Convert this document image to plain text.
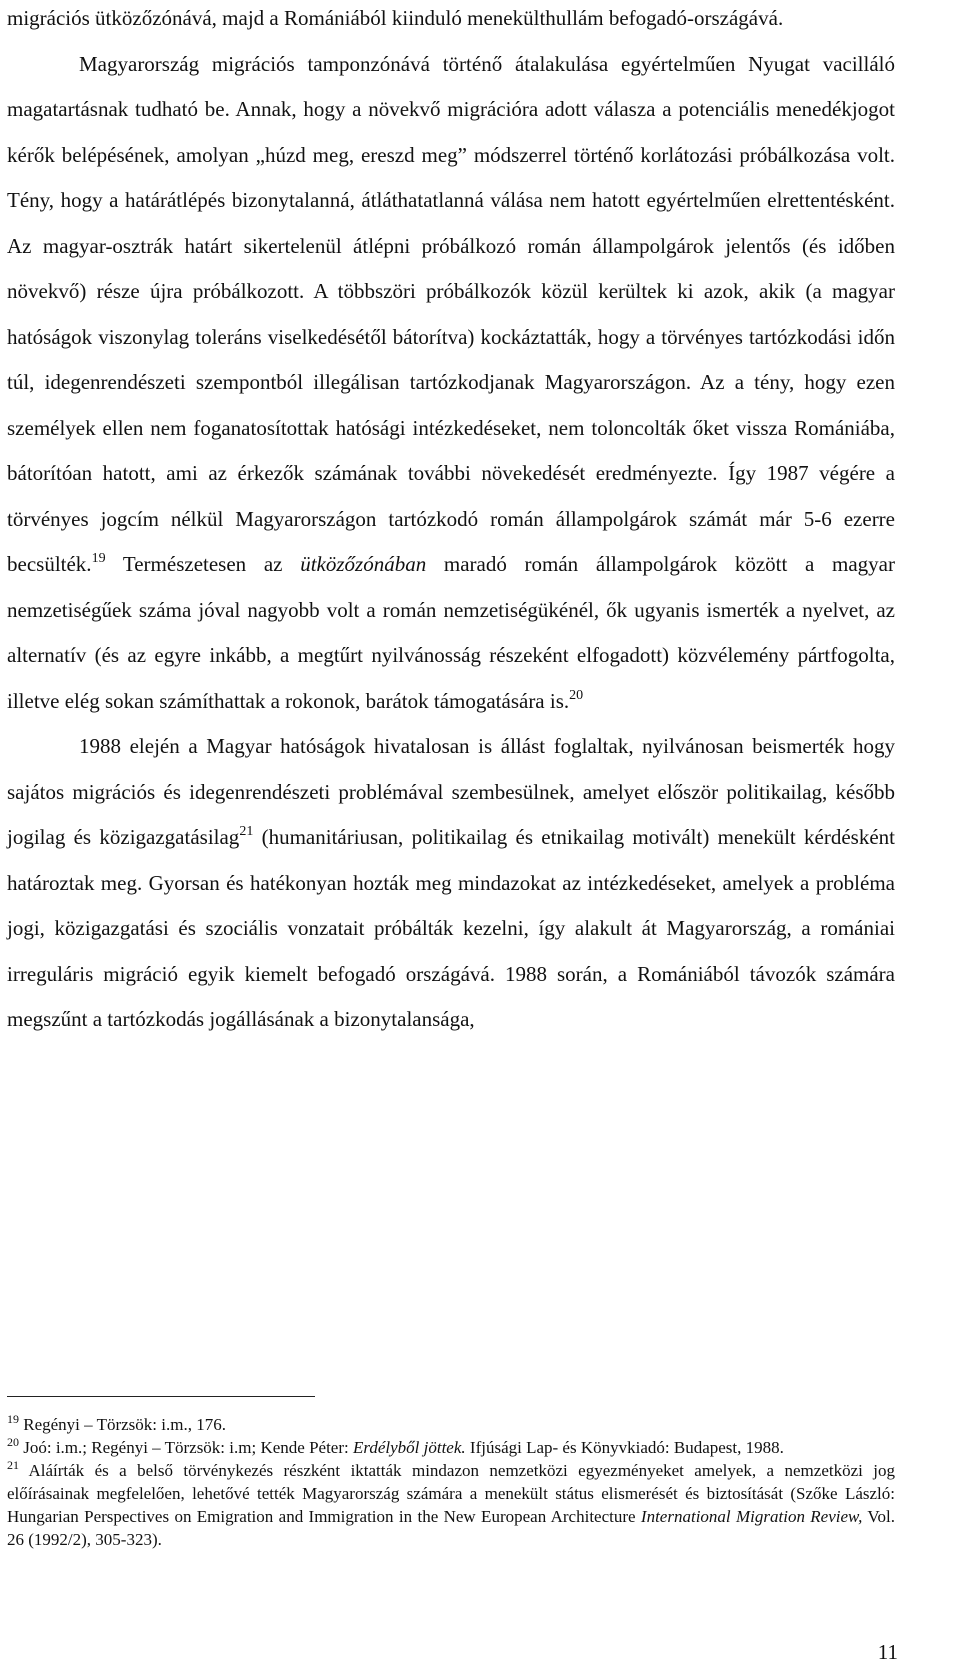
migrációs ütközőzónává, majd a Romániából kiinduló menekülthullám befogadó-országává.

Magyarország migrációs tamponzónává történő átalakulása egyértelműen Nyugat vacilláló magatartásnak tudható be. Annak, hogy a növekvő migrációra adott válasza a potenciális menedékjogot kérők belépésének, amolyan „húzd meg, ereszd meg” módszerrel történő korlátozási próbálkozása volt. Tény, hogy a határátlépés bizonytalanná, átláthatatlanná válása nem hatott egyértelműen elrettentésként. Az magyar-osztrák határt sikertelenül átlépni próbálkozó román állampolgárok jelentős (és időben növekvő) része újra próbálkozott. A többszöri próbálkozók közül kerültek ki azok, akik (a magyar hatóságok viszonylag toleráns viselkedésétől bátorítva) kockáztatták, hogy a törvényes tartózkodási időn túl, idegenrendészeti szempontból illegálisan tartózkodjanak Magyarországon. Az a tény, hogy ezen személyek ellen nem foganatosítottak hatósági intézkedéseket, nem toloncolták őket vissza Romániába, bátorítóan hatott, ami az érkezők számának további növekedését eredményezte. Így 1987 végére a törvényes jogcím nélkül Magyarországon tartózkodó román állampolgárok számát már 5-6 ezerre becsülték.$^{19}$ Természetesen az ütközőzónában maradó román állampolgárok között a magyar nemzetiségűek száma jóval nagyobb volt a román nemzetiségükénél, ők ugyanis ismerték a nyelvet, az alternatív (és az egyre inkább, a megtűrt nyilvánosság részeként elfogadott) közvélemény pártfogolta, illetve elég sokan számíthattak a rokonok, barátok támogatására is.$^{20}$

1988 elején a Magyar hatóságok hivatalosan is állást foglaltak, nyilvánosan beismerték hogy sajátos migrációs és idegenrendészeti problémával szembesülnek, amelyet először politikailag, később jogilag és közigazgatásilag$^{21}$ (humanitáriusan, politikailag és etnikailag motivált) menekült kérdésként határoztak meg. Gyorsan és hatékonyan hozták meg mindazokat az intézkedéseket, amelyek a probléma jogi, közigazgatási és szociális vonzatait próbálták kezelni, így alakult át Magyarország, a romániai irreguláris migráció egyik kiemelt befogadó országává. 1988 során, a Romániából távozók számára megszűnt a tartózkodás jogállásának a bizonytalansága,

$^{19}$ Regényi – Törzsök: i.m., 176.

$^{20}$ Joó: i.m.; Regényi – Törzsök: i.m; Kende Péter: Erdélyből jöttek. Ifjúsági Lap- és Könyvkiadó: Budapest, 1988.

$^{21}$ Aláírták és a belső törvénykezés részként iktatták mindazon nemzetközi egyezményeket amelyek, a nemzetközi jog előírásainak megfelelően, lehetővé tették Magyarország számára a menekült státus elismerését és biztosítását (Szőke László: Hungarian Perspectives on Emigration and Immigration in the New European Architecture International Migration Review, Vol. 26 (1992/2), 305-323).

11
